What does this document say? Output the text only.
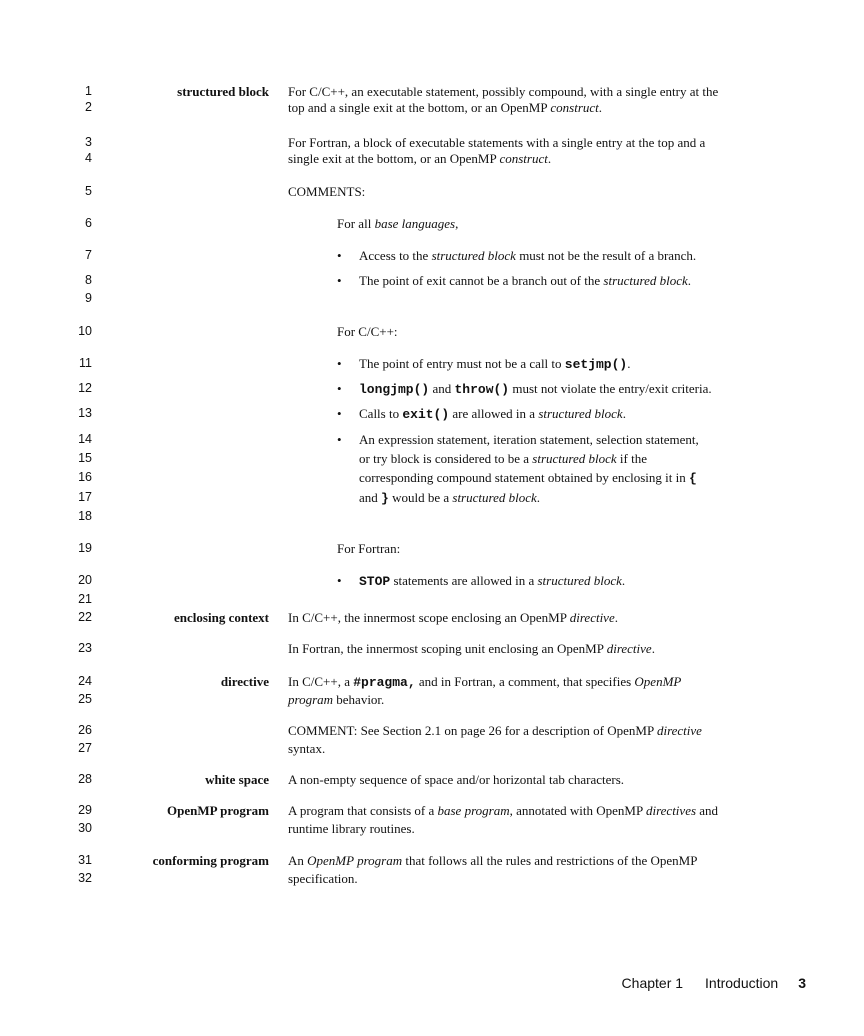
1
2
3
4
5
6
7
8
9
10
11
12
13
14
15
16
17
18
19
20
21
22
23
24
25
26
27
28
29
30
31
32
structured block
enclosing context
directive
white space
OpenMP program
conforming program
For C/C++, an executable statement, possibly compound, with a single entry at the
top and a single exit at the bottom, or an OpenMP construct.
For Fortran, a block of executable statements with a single entry at the top and a
single exit at the bottom, or an OpenMP construct.
COMMENTS:
For all base languages,
• Access to the structured block must not be the result of a branch.
• The point of exit cannot be a branch out of the structured block.
For C/C++:
• The point of entry must not be a call to setjmp().
• longjmp() and throw() must not violate the entry/exit criteria.
• Calls to exit() are allowed in a structured block.
• An expression statement, iteration statement, selection statement,
or try block is considered to be a structured block if the
corresponding compound statement obtained by enclosing it in {
and } would be a structured block.
For Fortran:
• STOP statements are allowed in a structured block.
In C/C++, the innermost scope enclosing an OpenMP directive.
In Fortran, the innermost scoping unit enclosing an OpenMP directive.
In C/C++, a #pragma, and in Fortran, a comment, that specifies OpenMP
program behavior.
COMMENT: See Section 2.1 on page 26 for a description of OpenMP directive
syntax.
A non-empty sequence of space and/or horizontal tab characters.
A program that consists of a base program, annotated with OpenMP directives and
runtime library routines.
An OpenMP program that follows all the rules and restrictions of the OpenMP
specification.
Chapter 1 Introduction 3
